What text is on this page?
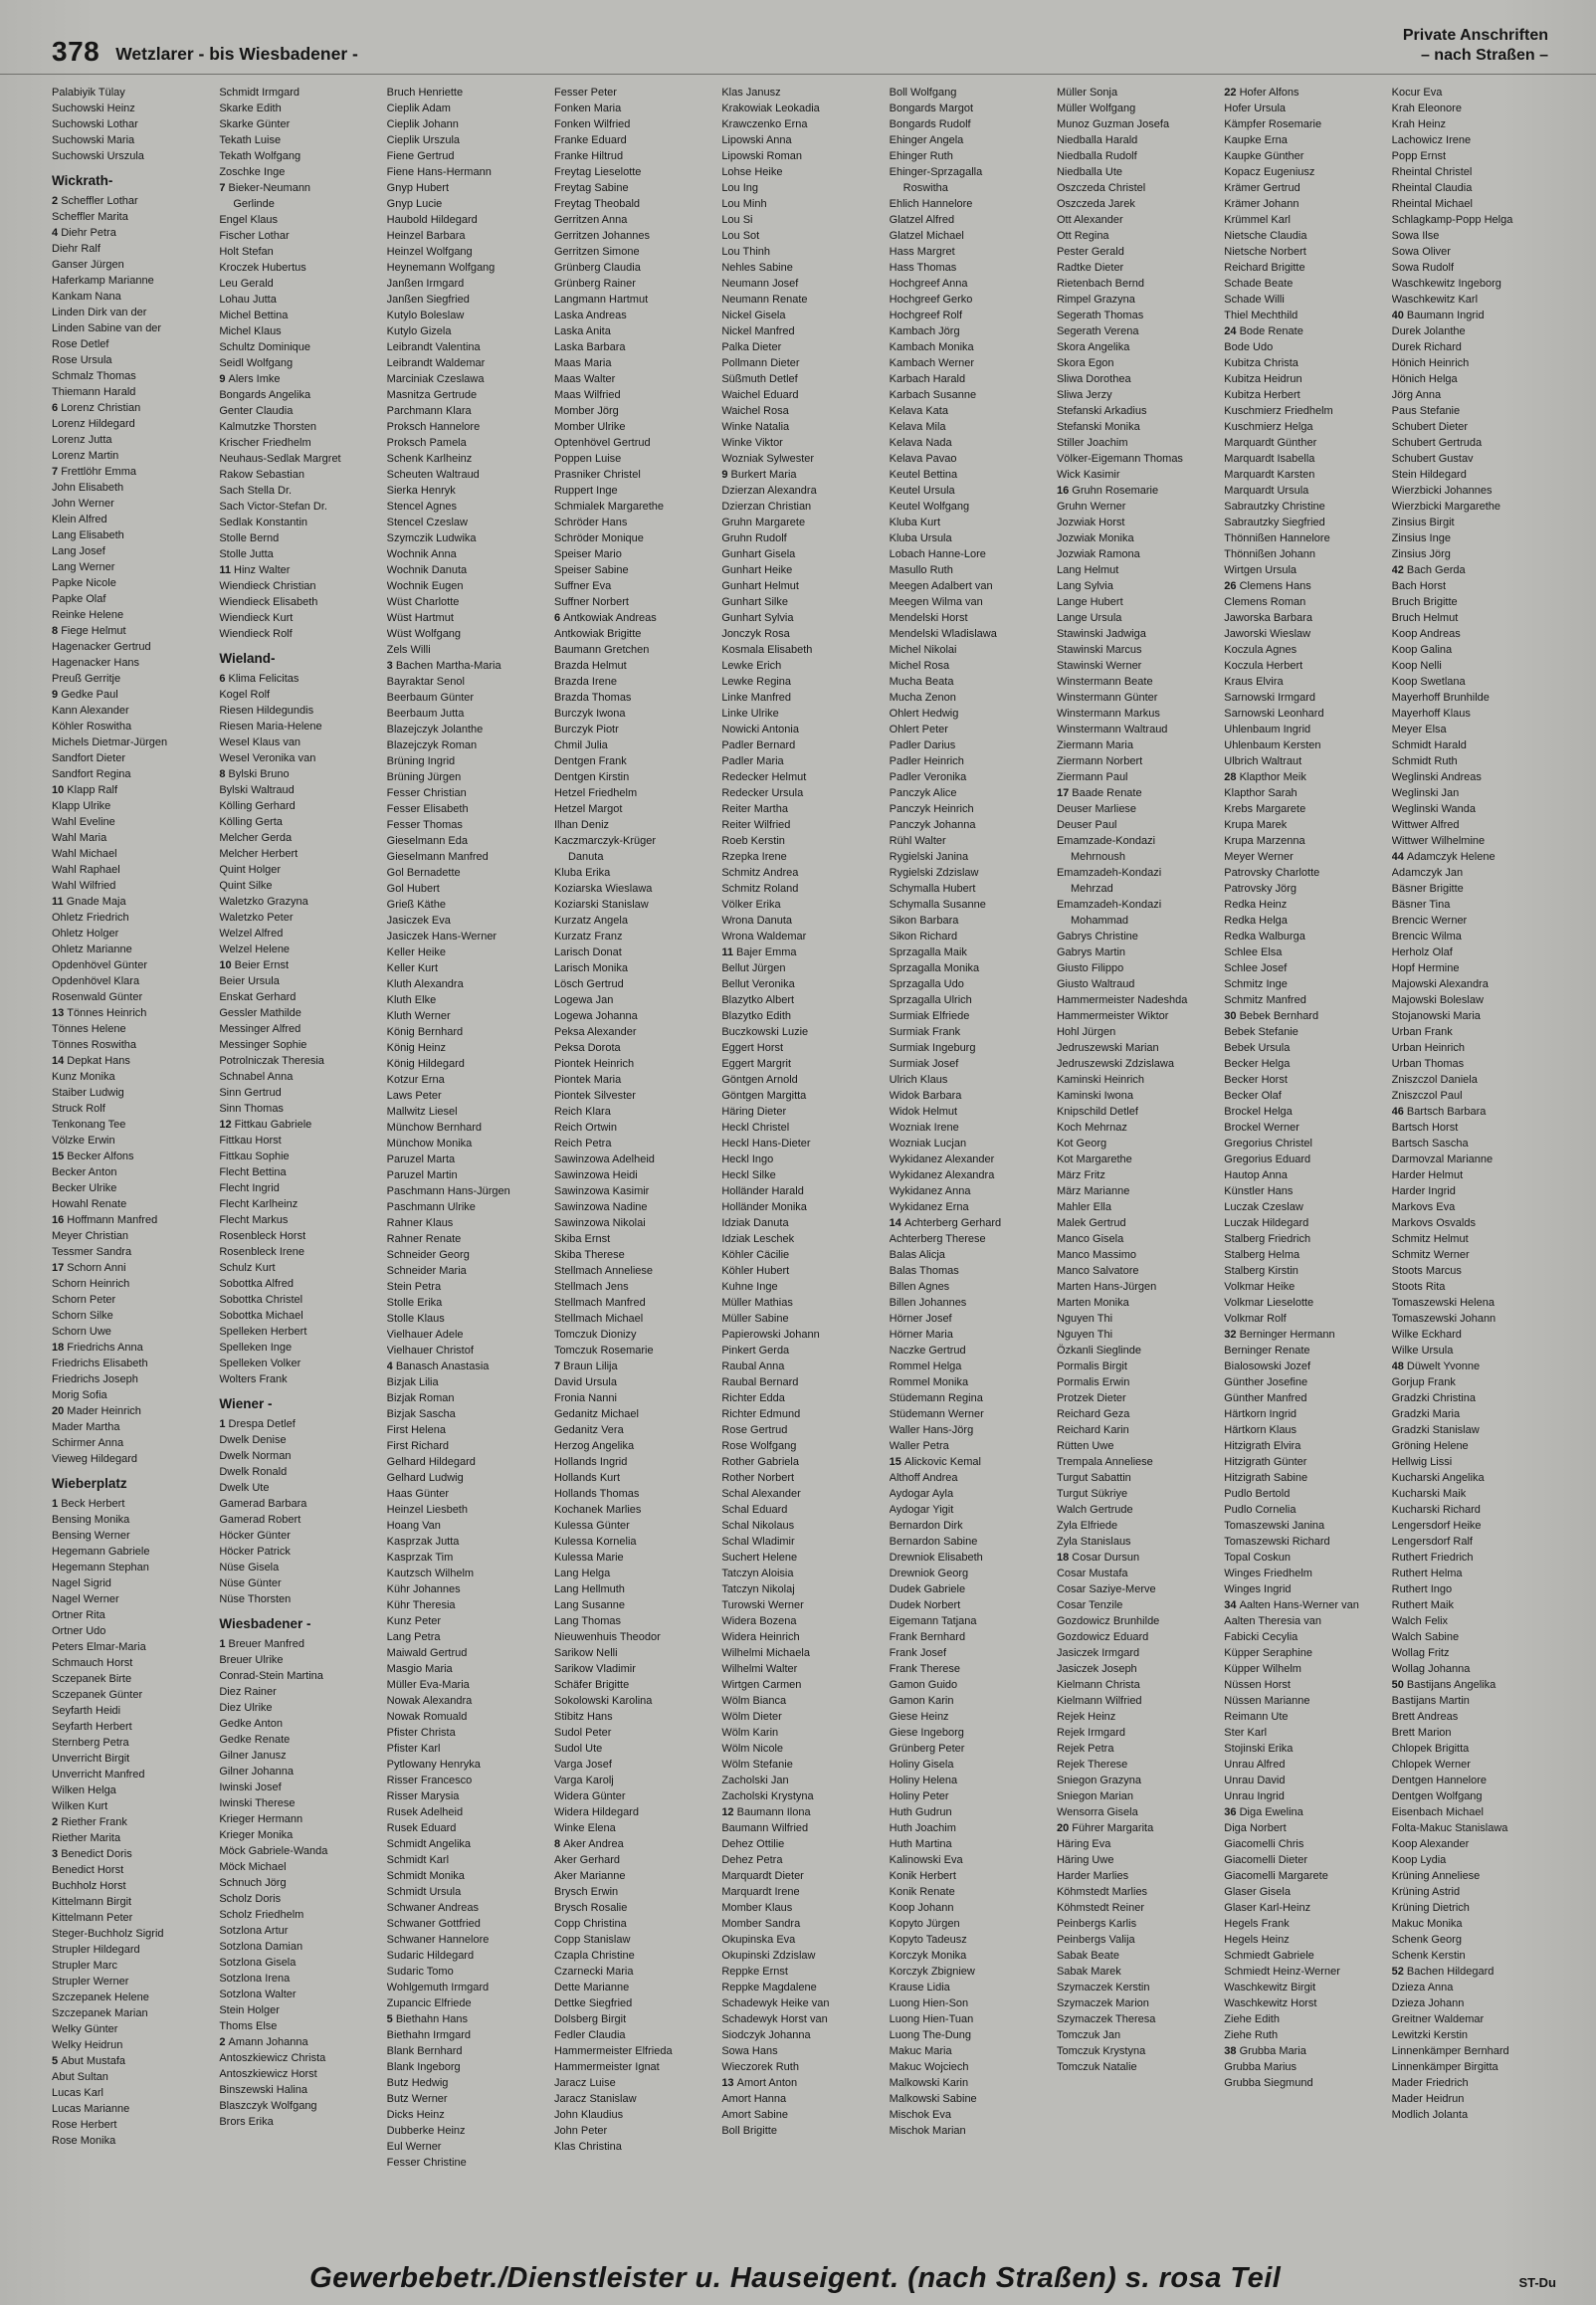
378 Wetzlarer - bis Wiesbadener -
Private Anschriften
– nach Straßen –
Palabiyik Tülay
Suchowski Heinz
Suchowski Lothar
Suchowski Maria
Suchowski Urszula
Wickrath-
2 Scheffler Lothar
Scheffler Marita
4 Diehr Petra
Diehr Ralf
Ganser Jürgen
Haferkamp Marianne
Kankam Nana
Linden Dirk van der
Linden Sabine van der
Rose Detlef
Rose Ursula
Schmalz Thomas
Thiemann Harald
6 Lorenz Christian
Lorenz Hildegard
Lorenz Jutta
Lorenz Martin
7 Frettlöhr Emma
John Elisabeth
John Werner
Klein Alfred
Lang Elisabeth
Lang Josef
Lang Werner
Papke Nicole
Papke Olaf
Reinke Helene
8 Fiege Helmut
Hagenacker Gertrud
Hagenacker Hans
Preuß Gerritje
9 Gedke Paul
Kann Alexander
Köhler Roswitha
Michels Dietmar-Jürgen
Sandfort Dieter
Sandfort Regina
10 Klapp Ralf
Klapp Ulrike
Wahl Eveline
Wahl Maria
Wahl Michael
Wahl Raphael
Wahl Wilfried
11 Gnade Maja
Ohletz Friedrich
Ohletz Holger
Ohletz Marianne
Opdenhövel Günter
Opdenhövel Klara
Rosenwald Günter
13 Tönnes Heinrich
Tönnes Helene
Tönnes Roswitha
14 Depkat Hans
Kunz Monika
Staiber Ludwig
Struck Rolf
Tenkonang Tee
Völzke Erwin
15 Becker Alfons
Becker Anton
Becker Ulrike
Howahl Renate
16 Hoffmann Manfred
Meyer Christian
Tessmer Sandra
17 Schorn Anni
Schorn Heinrich
Schorn Peter
Schorn Silke
Schorn Uwe
18 Friedrichs Anna
Friedrichs Elisabeth
Friedrichs Joseph
Morig Sofia
20 Mader Heinrich
Mader Martha
Schirmer Anna
Vieweg Hildegard
Wieberplatz
1 Beck Herbert
Bensing Monika
Bensing Werner
Hegemann Gabriele
Hegemann Stephan
Nagel Sigrid
Nagel Werner
Ortner Rita
Ortner Udo
Peters Elmar-Maria
Schmauch Horst
Sczepanek Birte
Sczepanek Günter
Seyfarth Heidi
Seyfarth Herbert
Sternberg Petra
Unverricht Birgit
Unverricht Manfred
Wilken Helga
Wilken Kurt
2 Riether Frank
Riether Marita
3 Benedict Doris
Benedict Horst
Buchholz Horst
Kittelmann Birgit
Kittelmann Peter
Steger-Buchholz Sigrid
Strupler Hildegard
Strupler Marc
Strupler Werner
Szczepanek Helene
Szczepanek Marian
Welky Günter
Welky Heidrun
5 Abut Mustafa
Abut Sultan
Lucas Karl
Lucas Marianne
Rose Herbert
Rose Monika
Schmidt Irmgard
Skarke Edith
Skarke Günter
Tekath Luise
Tekath Wolfgang
Zoschke Inge
7 Bieker-Neumann
Gerlinde
Engel Klaus
Fischer Lothar
Holt Stefan
Kroczek Hubertus
Leu Gerald
Lohau Jutta
Michel Bettina
Michel Klaus
Schultz Dominique
Seidl Wolfgang
9 Alers Imke
Bongards Angelika
Genter Claudia
Kalmutzke Thorsten
Krischer Friedhelm
Neuhaus-Sedlak Margret
Rakow Sebastian
Sach Stella Dr.
Sach Victor-Stefan Dr.
Sedlak Konstantin
Stolle Bernd
Stolle Jutta
11 Hinz Walter
Wiendieck Christian
Wiendieck Elisabeth
Wiendieck Kurt
Wiendieck Rolf
Wieland-
6 Klima Felicitas
Kogel Rolf
Riesen Hildegundis
Riesen Maria-Helene
Wesel Klaus van
Wesel Veronika van
8 Bylski Bruno
Bylski Waltraud
Kölling Gerhard
Kölling Gerta
Melcher Gerda
Melcher Herbert
Quint Holger
Quint Silke
Waletzko Grazyna
Waletzko Peter
Welzel Alfred
Welzel Helene
10 Beier Ernst
Beier Ursula
Enskat Gerhard
Gessler Mathilde
Messinger Alfred
Messinger Sophie
Potrolniczak Theresia
Schnabel Anna
Sinn Gertrud
Sinn Thomas
12 Fittkau Gabriele
Fittkau Horst
Fittkau Sophie
Flecht Bettina
Flecht Ingrid
Flecht Karlheinz
Flecht Markus
Rosenbleck Horst
Rosenbleck Irene
Schulz Kurt
Sobottka Alfred
Sobottka Christel
Sobottka Michael
Spelleken Herbert
Spelleken Inge
Spelleken Volker
Wolters Frank
Wiener -
1 Drespa Detlef
Dwelk Denise
Dwelk Norman
Dwelk Ronald
Dwelk Ute
Gamerad Barbara
Gamerad Robert
Höcker Günter
Höcker Patrick
Nüse Gisela
Nüse Günter
Nüse Thorsten
Wiesbadener -
1 Breuer Manfred
Breuer Ulrike
Conrad-Stein Martina
Diez Rainer
Diez Ulrike
Gedke Anton
Gedke Renate
Gilner Janusz
Gilner Johanna
Iwinski Josef
Iwinski Therese
Krieger Hermann
Krieger Monika
Möck Gabriele-Wanda
Möck Michael
Schnuch Jörg
Scholz Doris
Scholz Friedhelm
Sotzlona Artur
Sotzlona Damian
Sotzlona Gisela
Sotzlona Irena
Sotzlona Walter
Stein Holger
Thoms Else
2 Amann Johanna
Antoszkiewicz Christa
Antoszkiewicz Horst
Binszewski Halina
Blaszczyk Wolfgang
Brors Erika
Bruch Henriette
Cieplik Adam
Cieplik Johann
Cieplik Urszula
Fiene Gertrud
Fiene Hans-Hermann
Gnyp Hubert
Gnyp Lucie
Haubold Hildegard
Heinzel Barbara
Heinzel Wolfgang
Heynemann Wolfgang
Janßen Irmgard
Janßen Siegfried
Kutylo Boleslaw
Kutylo Gizela
Leibrandt Valentina
Leibrandt Waldemar
Marciniak Czeslawa
Masnitza Gertrude
Parchmann Klara
Proksch Hannelore
Proksch Pamela
Schenk Karlheinz
Scheuten Waltraud
Sierka Henryk
Stencel Agnes
Stencel Czeslaw
Szymczik Ludwika
Wochnik Anna
Wochnik Danuta
Wochnik Eugen
Wüst Charlotte
Wüst Hartmut
Wüst Wolfgang
Zels Willi
3 Bachen Martha-Maria
Bayraktar Senol
Beerbaum Günter
Beerbaum Jutta
Blazejczyk Jolanthe
Blazejczyk Roman
Brüning Ingrid
Brüning Jürgen
Fesser Christian
Fesser Elisabeth
Fesser Thomas
Gieselmann Eda
Gieselmann Manfred
Gol Bernadette
Gol Hubert
Grieß Käthe
Jasiczek Eva
Jasiczek Hans-Werner
Keller Heike
Keller Kurt
Kluth Alexandra
Kluth Elke
Kluth Werner
König Bernhard
König Heinz
König Hildegard
Kotzur Erna
Laws Peter
Mallwitz Liesel
Münchow Bernhard
Münchow Monika
Paruzel Marta
Paruzel Martin
Paschmann Hans-Jürgen
Paschmann Ulrike
Rahner Klaus
Rahner Renate
Schneider Georg
Schneider Maria
Stein Petra
Stolle Erika
Stolle Klaus
Vielhauer Adele
Vielhauer Christof
4 Banasch Anastasia
Bizjak Lilia
Bizjak Roman
Bizjak Sascha
First Helena
First Richard
Gelhard Hildegard
Gelhard Ludwig
Haas Günter
Heinzel Liesbeth
Hoang Van
Kasprzak Jutta
Kasprzak Tim
Kautzsch Wilhelm
Kühr Johannes
Kühr Theresia
Kunz Peter
Lang Petra
Maiwald Gertrud
Masgio Maria
Müller Eva-Maria
Nowak Alexandra
Nowak Romuald
Pfister Christa
Pfister Karl
Pytlowany Henryka
Risser Francesco
Risser Marysia
Rusek Adelheid
Rusek Eduard
Schmidt Angelika
Schmidt Karl
Schmidt Monika
Schmidt Ursula
Schwaner Andreas
Schwaner Gottfried
Schwaner Hannelore
Sudaric Hildegard
Sudaric Tomo
Wohlgemuth Irmgard
Zupancic Elfriede
5 Biethahn Hans
Biethahn Irmgard
Blank Bernhard
Blank Ingeborg
Butz Hedwig
Butz Werner
Dicks Heinz
Dubberke Heinz
Eul Werner
Fesser Christine
Fesser Peter
Fonken Maria
Fonken Wilfried
Franke Eduard
Franke Hiltrud
Freytag Lieselotte
Freytag Sabine
Freytag Theobald
Gerritzen Anna
Gerritzen Johannes
Gerritzen Simone
Grünberg Claudia
Grünberg Rainer
Langmann Hartmut
Laska Andreas
Laska Anita
Laska Barbara
Maas Maria
Maas Walter
Maas Wilfried
Momber Jörg
Momber Ulrike
Optenhövel Gertrud
Poppen Luise
Prasniker Christel
Ruppert Inge
Schmialek Margarethe
Schröder Hans
Schröder Monique
Speiser Mario
Speiser Sabine
Suffner Eva
Suffner Norbert
6 Antkowiak Andreas
Antkowiak Brigitte
Baumann Gretchen
Brazda Helmut
Brazda Irene
Brazda Thomas
Burczyk Iwona
Burczyk Piotr
Chmil Julia
Dentgen Frank
Dentgen Kirstin
Hetzel Friedhelm
Hetzel Margot
Ilhan Deniz
Kaczmarczyk-Krüger
Danuta
Kluba Erika
Koziarska Wieslawa
Koziarski Stanislaw
Kurzatz Angela
Kurzatz Franz
Larisch Donat
Larisch Monika
Lösch Gertrud
Logewa Jan
Logewa Johanna
Peksa Alexander
Peksa Dorota
Piontek Heinrich
Piontek Maria
Piontek Silvester
Reich Klara
Reich Ortwin
Reich Petra
Sawinzowa Adelheid
Sawinzowa Heidi
Sawinzowa Kasimir
Sawinzowa Nadine
Sawinzowa Nikolai
Skiba Ernst
Skiba Therese
Stellmach Anneliese
Stellmach Jens
Stellmach Manfred
Stellmach Michael
Tomczuk Dionizy
Tomczuk Rosemarie
7 Braun Lilija
David Ursula
Fronia Nanni
Gedanitz Michael
Gedanitz Vera
Herzog Angelika
Hollands Ingrid
Hollands Kurt
Hollands Thomas
Kochanek Marlies
Kulessa Günter
Kulessa Kornelia
Kulessa Marie
Lang Helga
Lang Hellmuth
Lang Susanne
Lang Thomas
Nieuwenhuis Theodor
Sarikow Nelli
Sarikow Vladimir
Schäfer Brigitte
Sokolowski Karolina
Stibitz Hans
Sudol Peter
Sudol Ute
Varga Josef
Varga Karolj
Widera Günter
Widera Hildegard
Winke Elena
8 Aker Andrea
Aker Gerhard
Aker Marianne
Brysch Erwin
Brysch Rosalie
Copp Christina
Copp Stanislaw
Czapla Christine
Czarnecki Maria
Dette Marianne
Dettke Siegfried
Dolsberg Birgit
Fedler Claudia
Hammermeister Elfrieda
Hammermeister Ignat
Jaracz Luise
Jaracz Stanislaw
John Klaudius
John Peter
Klas Christina
Klas Janusz
Krakowiak Leokadia
Krawczenko Erna
Lipowski Anna
Lipowski Roman
Lohse Heike
Lou Ing
Lou Minh
Lou Si
Lou Sot
Lou Thinh
Nehles Sabine
Neumann Josef
Neumann Renate
Nickel Gisela
Nickel Manfred
Palka Dieter
Pollmann Dieter
Süßmuth Detlef
Waichel Eduard
Waichel Rosa
Winke Natalia
Winke Viktor
Wozniak Sylwester
9 Burkert Maria
Dzierzan Alexandra
Dzierzan Christian
Gruhn Margarete
Gruhn Rudolf
Gunhart Gisela
Gunhart Heike
Gunhart Helmut
Gunhart Silke
Gunhart Sylvia
Jonczyk Rosa
Kosmala Elisabeth
Lewke Erich
Lewke Regina
Linke Manfred
Linke Ulrike
Nowicki Antonia
Padler Bernard
Padler Maria
Redecker Helmut
Redecker Ursula
Reiter Martha
Reiter Wilfried
Roeb Kerstin
Rzepka Irene
Schmitz Andrea
Schmitz Roland
Völker Erika
Wrona Danuta
Wrona Waldemar
11 Bajer Emma
Bellut Jürgen
Bellut Veronika
Blazytko Albert
Blazytko Edith
Buczkowski Luzie
Eggert Horst
Eggert Margrit
Göntgen Arnold
Göntgen Margitta
Häring Dieter
Heckl Christel
Heckl Hans-Dieter
Heckl Ingo
Heckl Silke
Holländer Harald
Holländer Monika
Idziak Danuta
Idziak Leschek
Köhler Cäcilie
Köhler Hubert
Kuhne Inge
Müller Mathias
Müller Sabine
Papierowski Johann
Pinkert Gerda
Raubal Anna
Raubal Bernard
Richter Edda
Richter Edmund
Rose Gertrud
Rose Wolfgang
Rother Gabriela
Rother Norbert
Schal Alexander
Schal Eduard
Schal Nikolaus
Schal Wladimir
Suchert Helene
Tatczyn Aloisia
Tatczyn Nikolaj
Turowski Werner
Widera Bozena
Widera Heinrich
Wilhelmi Michaela
Wilhelmi Walter
Wirtgen Carmen
Wölm Bianca
Wölm Dieter
Wölm Karin
Wölm Nicole
Wölm Stefanie
Zacholski Jan
Zacholski Krystyna
12 Baumann Ilona
Baumann Wilfried
Dehez Ottilie
Dehez Petra
Marquardt Dieter
Marquardt Irene
Momber Klaus
Momber Sandra
Okupinska Eva
Okupinski Zdzislaw
Reppke Ernst
Reppke Magdalene
Schadewyk Heike van
Schadewyk Horst van
Siodczyk Johanna
Sowa Hans
Wieczorek Ruth
13 Amort Anton
Amort Hanna
Amort Sabine
Boll Brigitte
Boll Wolfgang
Bongards Margot
Bongards Rudolf
Ehinger Angela
Ehinger Ruth
Ehinger-Sprzagalla
Roswitha
Ehlich Hannelore
Glatzel Alfred
Glatzel Michael
Hass Margret
Hass Thomas
Hochgreef Anna
Hochgreef Gerko
Hochgreef Rolf
Kambach Jörg
Kambach Monika
Kambach Werner
Karbach Harald
Karbach Susanne
Kelava Kata
Kelava Mila
Kelava Nada
Kelava Pavao
Keutel Bettina
Keutel Ursula
Keutel Wolfgang
Kluba Kurt
Kluba Ursula
Lobach Hanne-Lore
Masullo Ruth
Meegen Adalbert van
Meegen Wilma van
Mendelski Horst
Mendelski Wladislawa
Michel Nikolai
Michel Rosa
Mucha Beata
Mucha Zenon
Ohlert Hedwig
Ohlert Peter
Padler Darius
Padler Heinrich
Padler Veronika
Panczyk Alice
Panczyk Heinrich
Panczyk Johanna
Rühl Walter
Rygielski Janina
Rygielski Zdzislaw
Schymalla Hubert
Schymalla Susanne
Sikon Barbara
Sikon Richard
Sprzagalla Maik
Sprzagalla Monika
Sprzagalla Udo
Sprzagalla Ulrich
Surmiak Elfriede
Surmiak Frank
Surmiak Ingeburg
Surmiak Josef
Ulrich Klaus
Widok Barbara
Widok Helmut
Wozniak Irene
Wozniak Lucjan
Wykidanez Alexander
Wykidanez Alexandra
Wykidanez Anna
Wykidanez Erna
14 Achterberg Gerhard
Achterberg Therese
Balas Alicja
Balas Thomas
Billen Agnes
Billen Johannes
Hörner Josef
Hörner Maria
Naczke Gertrud
Rommel Helga
Rommel Monika
Stüdemann Regina
Stüdemann Werner
Waller Hans-Jörg
Waller Petra
15 Alickovic Kemal
Althoff Andrea
Aydogar Ayla
Aydogar Yigit
Bernardon Dirk
Bernardon Sabine
Drewniok Elisabeth
Drewniok Georg
Dudek Gabriele
Dudek Norbert
Eigemann Tatjana
Frank Bernhard
Frank Josef
Frank Therese
Gamon Guido
Gamon Karin
Giese Heinz
Giese Ingeborg
Grünberg Peter
Holiny Gisela
Holiny Helena
Holiny Peter
Huth Gudrun
Huth Joachim
Huth Martina
Kalinowski Eva
Konik Herbert
Konik Renate
Koop Johann
Kopyto Jürgen
Kopyto Tadeusz
Korczyk Monika
Korczyk Zbigniew
Krause Lidia
Luong Hien-Son
Luong Hien-Tuan
Luong The-Dung
Makuc Maria
Makuc Wojciech
Malkowski Karin
Malkowski Sabine
Mischok Eva
Mischok Marian
Müller Sonja
Müller Wolfgang
Munoz Guzman Josefa
Niedballa Harald
Niedballa Rudolf
Niedballa Ute
Oszczeda Christel
Oszczeda Jarek
Ott Alexander
Ott Regina
Pester Gerald
Radtke Dieter
Rietenbach Bernd
Rimpel Grazyna
Segerath Thomas
Segerath Verena
Skora Angelika
Skora Egon
Sliwa Dorothea
Sliwa Jerzy
Stefanski Arkadius
Stefanski Monika
Stiller Joachim
Völker-Eigemann Thomas
Wick Kasimir
16 Gruhn Rosemarie
Gruhn Werner
Jozwiak Horst
Jozwiak Monika
Jozwiak Ramona
Lang Helmut
Lang Sylvia
Lange Hubert
Lange Ursula
Stawinski Jadwiga
Stawinski Marcus
Stawinski Werner
Winstermann Beate
Winstermann Günter
Winstermann Markus
Winstermann Waltraud
Ziermann Maria
Ziermann Norbert
Ziermann Paul
17 Baade Renate
Deuser Marliese
Deuser Paul
Emamzade-Kondazi
Mehrnoush
Emamzadeh-Kondazi
Mehrzad
Emamzadeh-Kondazi
Mohammad
Gabrys Christine
Gabrys Martin
Giusto Filippo
Giusto Waltraud
Hammermeister Nadeshda
Hammermeister Wiktor
Hohl Jürgen
Jedruszewski Marian
Jedruszewski Zdzislawa
Kaminski Heinrich
Kaminski Iwona
Knipschild Detlef
Koch Mehrnaz
Kot Georg
Kot Margarethe
März Fritz
März Marianne
Mahler Ella
Malek Gertrud
Manco Gisela
Manco Massimo
Manco Salvatore
Marten Hans-Jürgen
Marten Monika
Nguyen Thi
Nguyen Thi
Özkanli Sieglinde
Pormalis Birgit
Pormalis Erwin
Protzek Dieter
Reichard Geza
Reichard Karin
Rütten Uwe
Trempala Anneliese
Turgut Sabattin
Turgut Sükriye
Walch Gertrude
Zyla Elfriede
Zyla Stanislaus
18 Cosar Dursun
Cosar Mustafa
Cosar Saziye-Merve
Cosar Tenzile
Gozdowicz Brunhilde
Gozdowicz Eduard
Jasiczek Irmgard
Jasiczek Joseph
Kielmann Christa
Kielmann Wilfried
Rejek Heinz
Rejek Irmgard
Rejek Petra
Rejek Therese
Sniegon Grazyna
Sniegon Marian
Wensorra Gisela
20 Führer Margarita
Häring Eva
Häring Uwe
Harder Marlies
Köhmstedt Marlies
Köhmstedt Reiner
Peinbergs Karlis
Peinbergs Valija
Sabak Beate
Sabak Marek
Szymaczek Kerstin
Szymaczek Marion
Szymaczek Theresa
Tomczuk Jan
Tomczuk Krystyna
Tomczuk Natalie
22 Hofer Alfons
Hofer Ursula
Kämpfer Rosemarie
Kaupke Erna
Kaupke Günther
Kopacz Eugeniusz
Krämer Gertrud
Krämer Johann
Krümmel Karl
Nietsche Claudia
Nietsche Norbert
Reichard Brigitte
Schade Beate
Schade Willi
Thiel Mechthild
24 Bode Renate
Bode Udo
Kubitza Christa
Kubitza Heidrun
Kubitza Herbert
Kuschmierz Friedhelm
Kuschmierz Helga
Marquardt Günther
Marquardt Isabella
Marquardt Karsten
Marquardt Ursula
Sabrautzky Christine
Sabrautzky Siegfried
Thönnißen Hannelore
Thönnißen Johann
Wirtgen Ursula
26 Clemens Hans
Clemens Roman
Jaworska Barbara
Jaworski Wieslaw
Koczula Agnes
Koczula Herbert
Kraus Elvira
Sarnowski Irmgard
Sarnowski Leonhard
Uhlenbaum Ingrid
Uhlenbaum Kersten
Ulbrich Waltraut
28 Klapthor Meik
Klapthor Sarah
Krebs Margarete
Krupa Marek
Krupa Marzenna
Meyer Werner
Patrovsky Charlotte
Patrovsky Jörg
Redka Heinz
Redka Helga
Redka Walburga
Schlee Elsa
Schlee Josef
Schmitz Inge
Schmitz Manfred
30 Bebek Bernhard
Bebek Stefanie
Bebek Ursula
Becker Helga
Becker Horst
Becker Olaf
Brockel Helga
Brockel Werner
Gregorius Christel
Gregorius Eduard
Hautop Anna
Künstler Hans
Luczak Czeslaw
Luczak Hildegard
Stalberg Friedrich
Stalberg Helma
Stalberg Kirstin
Volkmar Heike
Volkmar Lieselotte
Volkmar Rolf
32 Berninger Hermann
Berninger Renate
Bialosowski Jozef
Günther Josefine
Günther Manfred
Härtkorn Ingrid
Härtkorn Klaus
Hitzigrath Elvira
Hitzigrath Günter
Hitzigrath Sabine
Pudlo Bertold
Pudlo Cornelia
Tomaszewski Janina
Tomaszewski Richard
Topal Coskun
Winges Friedhelm
Winges Ingrid
34 Aalten Hans-Werner van
Aalten Theresia van
Fabicki Cecylia
Küpper Seraphine
Küpper Wilhelm
Nüssen Horst
Nüssen Marianne
Reimann Ute
Ster Karl
Stojinski Erika
Unrau Alfred
Unrau David
Unrau Ingrid
36 Diga Ewelina
Diga Norbert
Giacomelli Chris
Giacomelli Dieter
Giacomelli Margarete
Glaser Gisela
Glaser Karl-Heinz
Hegels Frank
Hegels Heinz
Schmiedt Gabriele
Schmiedt Heinz-Werner
Waschkewitz Birgit
Waschkewitz Horst
Ziehe Edith
Ziehe Ruth
38 Grubba Maria
Grubba Marius
Grubba Siegmund
Kocur Eva
Krah Eleonore
Krah Heinz
Lachowicz Irene
Popp Ernst
Rheintal Christel
Rheintal Claudia
Rheintal Michael
Schlagkamp-Popp Helga
Sowa Ilse
Sowa Oliver
Sowa Rudolf
Waschkewitz Ingeborg
Waschkewitz Karl
40 Baumann Ingrid
Durek Jolanthe
Durek Richard
Hönich Heinrich
Hönich Helga
Jörg Anna
Paus Stefanie
Schubert Dieter
Schubert Gertruda
Schubert Gustav
Stein Hildegard
Wierzbicki Johannes
Wierzbicki Margarethe
Zinsius Birgit
Zinsius Inge
Zinsius Jörg
42 Bach Gerda
Bach Horst
Bruch Brigitte
Bruch Helmut
Koop Andreas
Koop Galina
Koop Nelli
Koop Swetlana
Mayerhoff Brunhilde
Mayerhoff Klaus
Meyer Elsa
Schmidt Harald
Schmidt Ruth
Weglinski Andreas
Weglinski Jan
Weglinski Wanda
Wittwer Alfred
Wittwer Wilhelmine
44 Adamczyk Helene
Adamczyk Jan
Bäsner Brigitte
Bäsner Tina
Brencic Werner
Brencic Wilma
Herholz Olaf
Hopf Hermine
Majowski Alexandra
Majowski Boleslaw
Stojanowski Maria
Urban Frank
Urban Heinrich
Urban Thomas
Zniszczol Daniela
Zniszczol Paul
46 Bartsch Barbara
Bartsch Horst
Bartsch Sascha
Darmovzal Marianne
Harder Helmut
Harder Ingrid
Markovs Eva
Markovs Osvalds
Schmitz Helmut
Schmitz Werner
Stoots Marcus
Stoots Rita
Tomaszewski Helena
Tomaszewski Johann
Wilke Eckhard
Wilke Ursula
48 Düwelt Yvonne
Gorjup Frank
Gradzki Christina
Gradzki Maria
Gradzki Stanislaw
Gröning Helene
Hellwig Lissi
Kucharski Angelika
Kucharski Maik
Kucharski Richard
Lengersdorf Heike
Lengersdorf Ralf
Ruthert Friedrich
Ruthert Helma
Ruthert Ingo
Ruthert Maik
Walch Felix
Walch Sabine
Wollag Fritz
Wollag Johanna
50 Bastijans Angelika
Bastijans Martin
Brett Andreas
Brett Marion
Chlopek Brigitta
Chlopek Werner
Dentgen Hannelore
Dentgen Wolfgang
Eisenbach Michael
Folta-Makuc Stanislawa
Koop Alexander
Koop Lydia
Krüning Anneliese
Krüning Astrid
Krüning Dietrich
Makuc Monika
Schenk Georg
Schenk Kerstin
52 Bachen Hildegard
Dzieza Anna
Dzieza Johann
Greitner Waldemar
Lewitzki Kerstin
Linnenkämper Bernhard
Linnenkämper Birgitta
Mader Friedrich
Mader Heidrun
Modlich Jolanta
Gewerbebetr./Dienstleister u. Hauseigent. (nach Straßen) s. rosa Teil	ST-Du
